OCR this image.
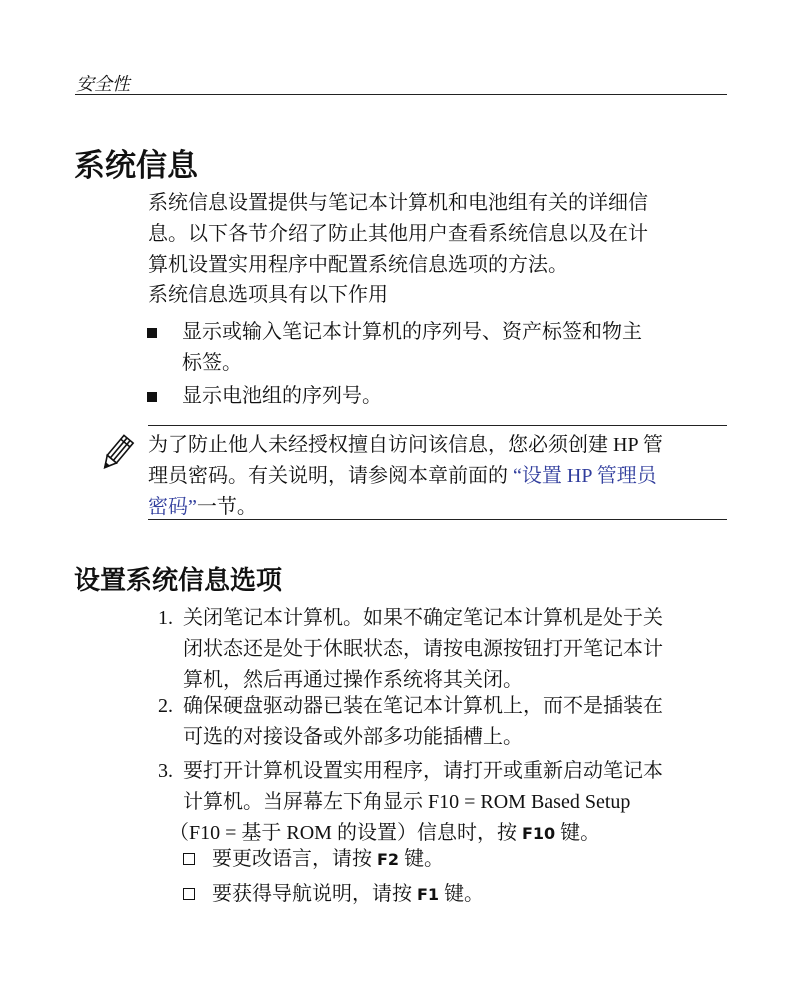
安全性
系统信息
系统信息设置提供与笔记本计算机和电池组有关的详细信
息。以下各节介绍了防止其他用户查看系统信息以及在计
算机设置实用程序中配置系统信息选项的方法。
系统信息选项具有以下作用
显示或输入笔记本计算机的序列号、资产标签和物主
标签。
显示电池组的序列号。
为了防止他人未经授权擅自访问该信息，您必须创建 HP 管
理员密码。有关说明，请参阅本章前面的 “设置 HP 管理员
密码”一节。
设置系统信息选项
1. 关闭笔记本计算机。如果不确定笔记本计算机是处于关
闭状态还是处于休眠状态，请按电源按钮打开笔记本计
算机，然后再通过操作系统将其关闭。
2. 确保硬盘驱动器已装在笔记本计算机上，而不是插装在
可选的对接设备或外部多功能插槽上。
3. 要打开计算机设置实用程序，请打开或重新启动笔记本
计算机。当屏幕左下角显示 F10 = ROM Based Setup
（F10 = 基于 ROM 的设置）信息时，按 F10 键。
要更改语言，请按 F2 键。
要获得导航说明，请按 F1 键。
